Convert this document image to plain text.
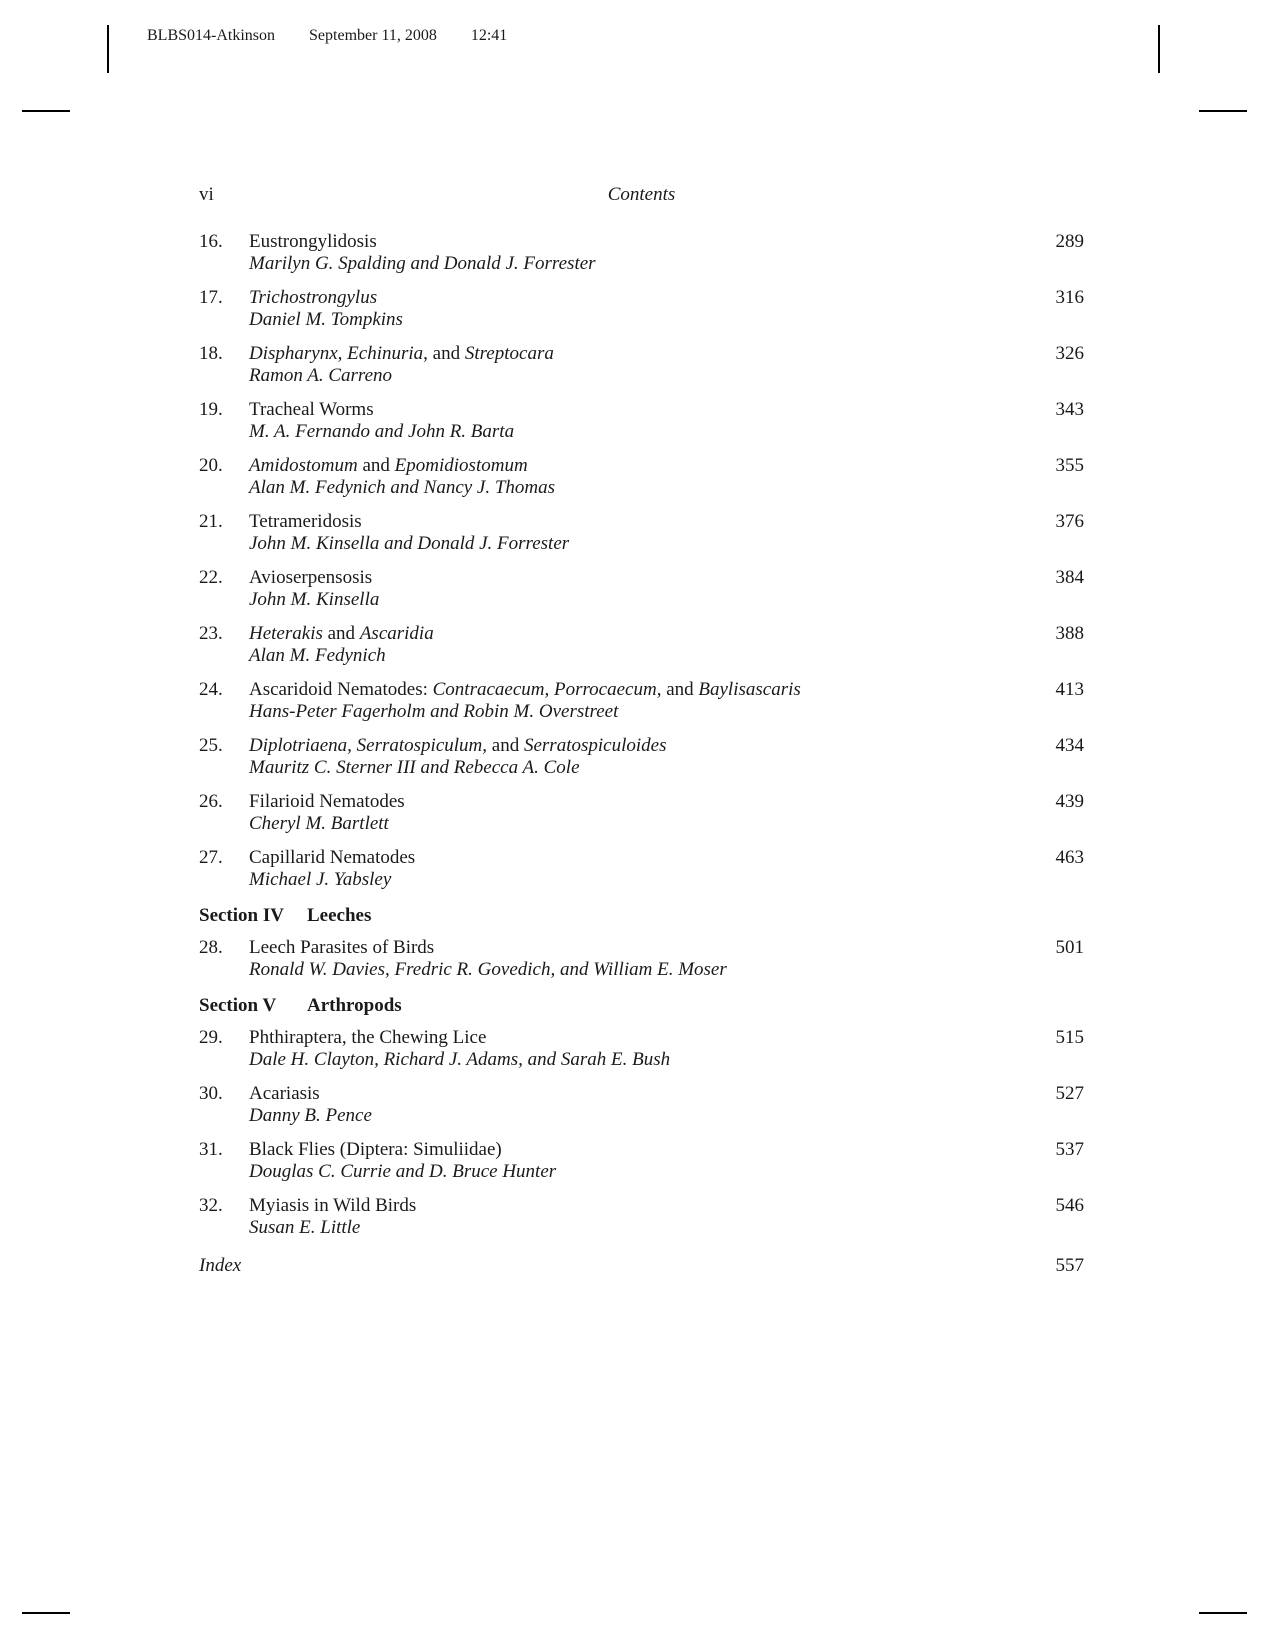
BLBS014-Atkinson September 11, 2008 12:41
vi	Contents
16. Eustrongylidosis
Marilyn G. Spalding and Donald J. Forrester
289
17. Trichostrongylus
Daniel M. Tompkins
316
18. Dispharynx, Echinuria, and Streptocara
Ramon A. Carreno
326
19. Tracheal Worms
M. A. Fernando and John R. Barta
343
20. Amidostomum and Epomidiostomum
Alan M. Fedynich and Nancy J. Thomas
355
21. Tetrameridosis
John M. Kinsella and Donald J. Forrester
376
22. Avioserpensosis
John M. Kinsella
384
23. Heterakis and Ascaridia
Alan M. Fedynich
388
24. Ascaridoid Nematodes: Contracaecum, Porrocaecum, and Baylisascaris
Hans-Peter Fagerholm and Robin M. Overstreet
413
25. Diplotriaena, Serratospiculum, and Serratospiculoides
Mauritz C. Sterner III and Rebecca A. Cole
434
26. Filarioid Nematodes
Cheryl M. Bartlett
439
27. Capillarid Nematodes
Michael J. Yabsley
463
Section IV Leeches
28. Leech Parasites of Birds
Ronald W. Davies, Fredric R. Govedich, and William E. Moser
501
Section V Arthropods
29. Phthiraptera, the Chewing Lice
Dale H. Clayton, Richard J. Adams, and Sarah E. Bush
515
30. Acariasis
Danny B. Pence
527
31. Black Flies (Diptera: Simuliidae)
Douglas C. Currie and D. Bruce Hunter
537
32. Myiasis in Wild Birds
Susan E. Little
546
Index	557
